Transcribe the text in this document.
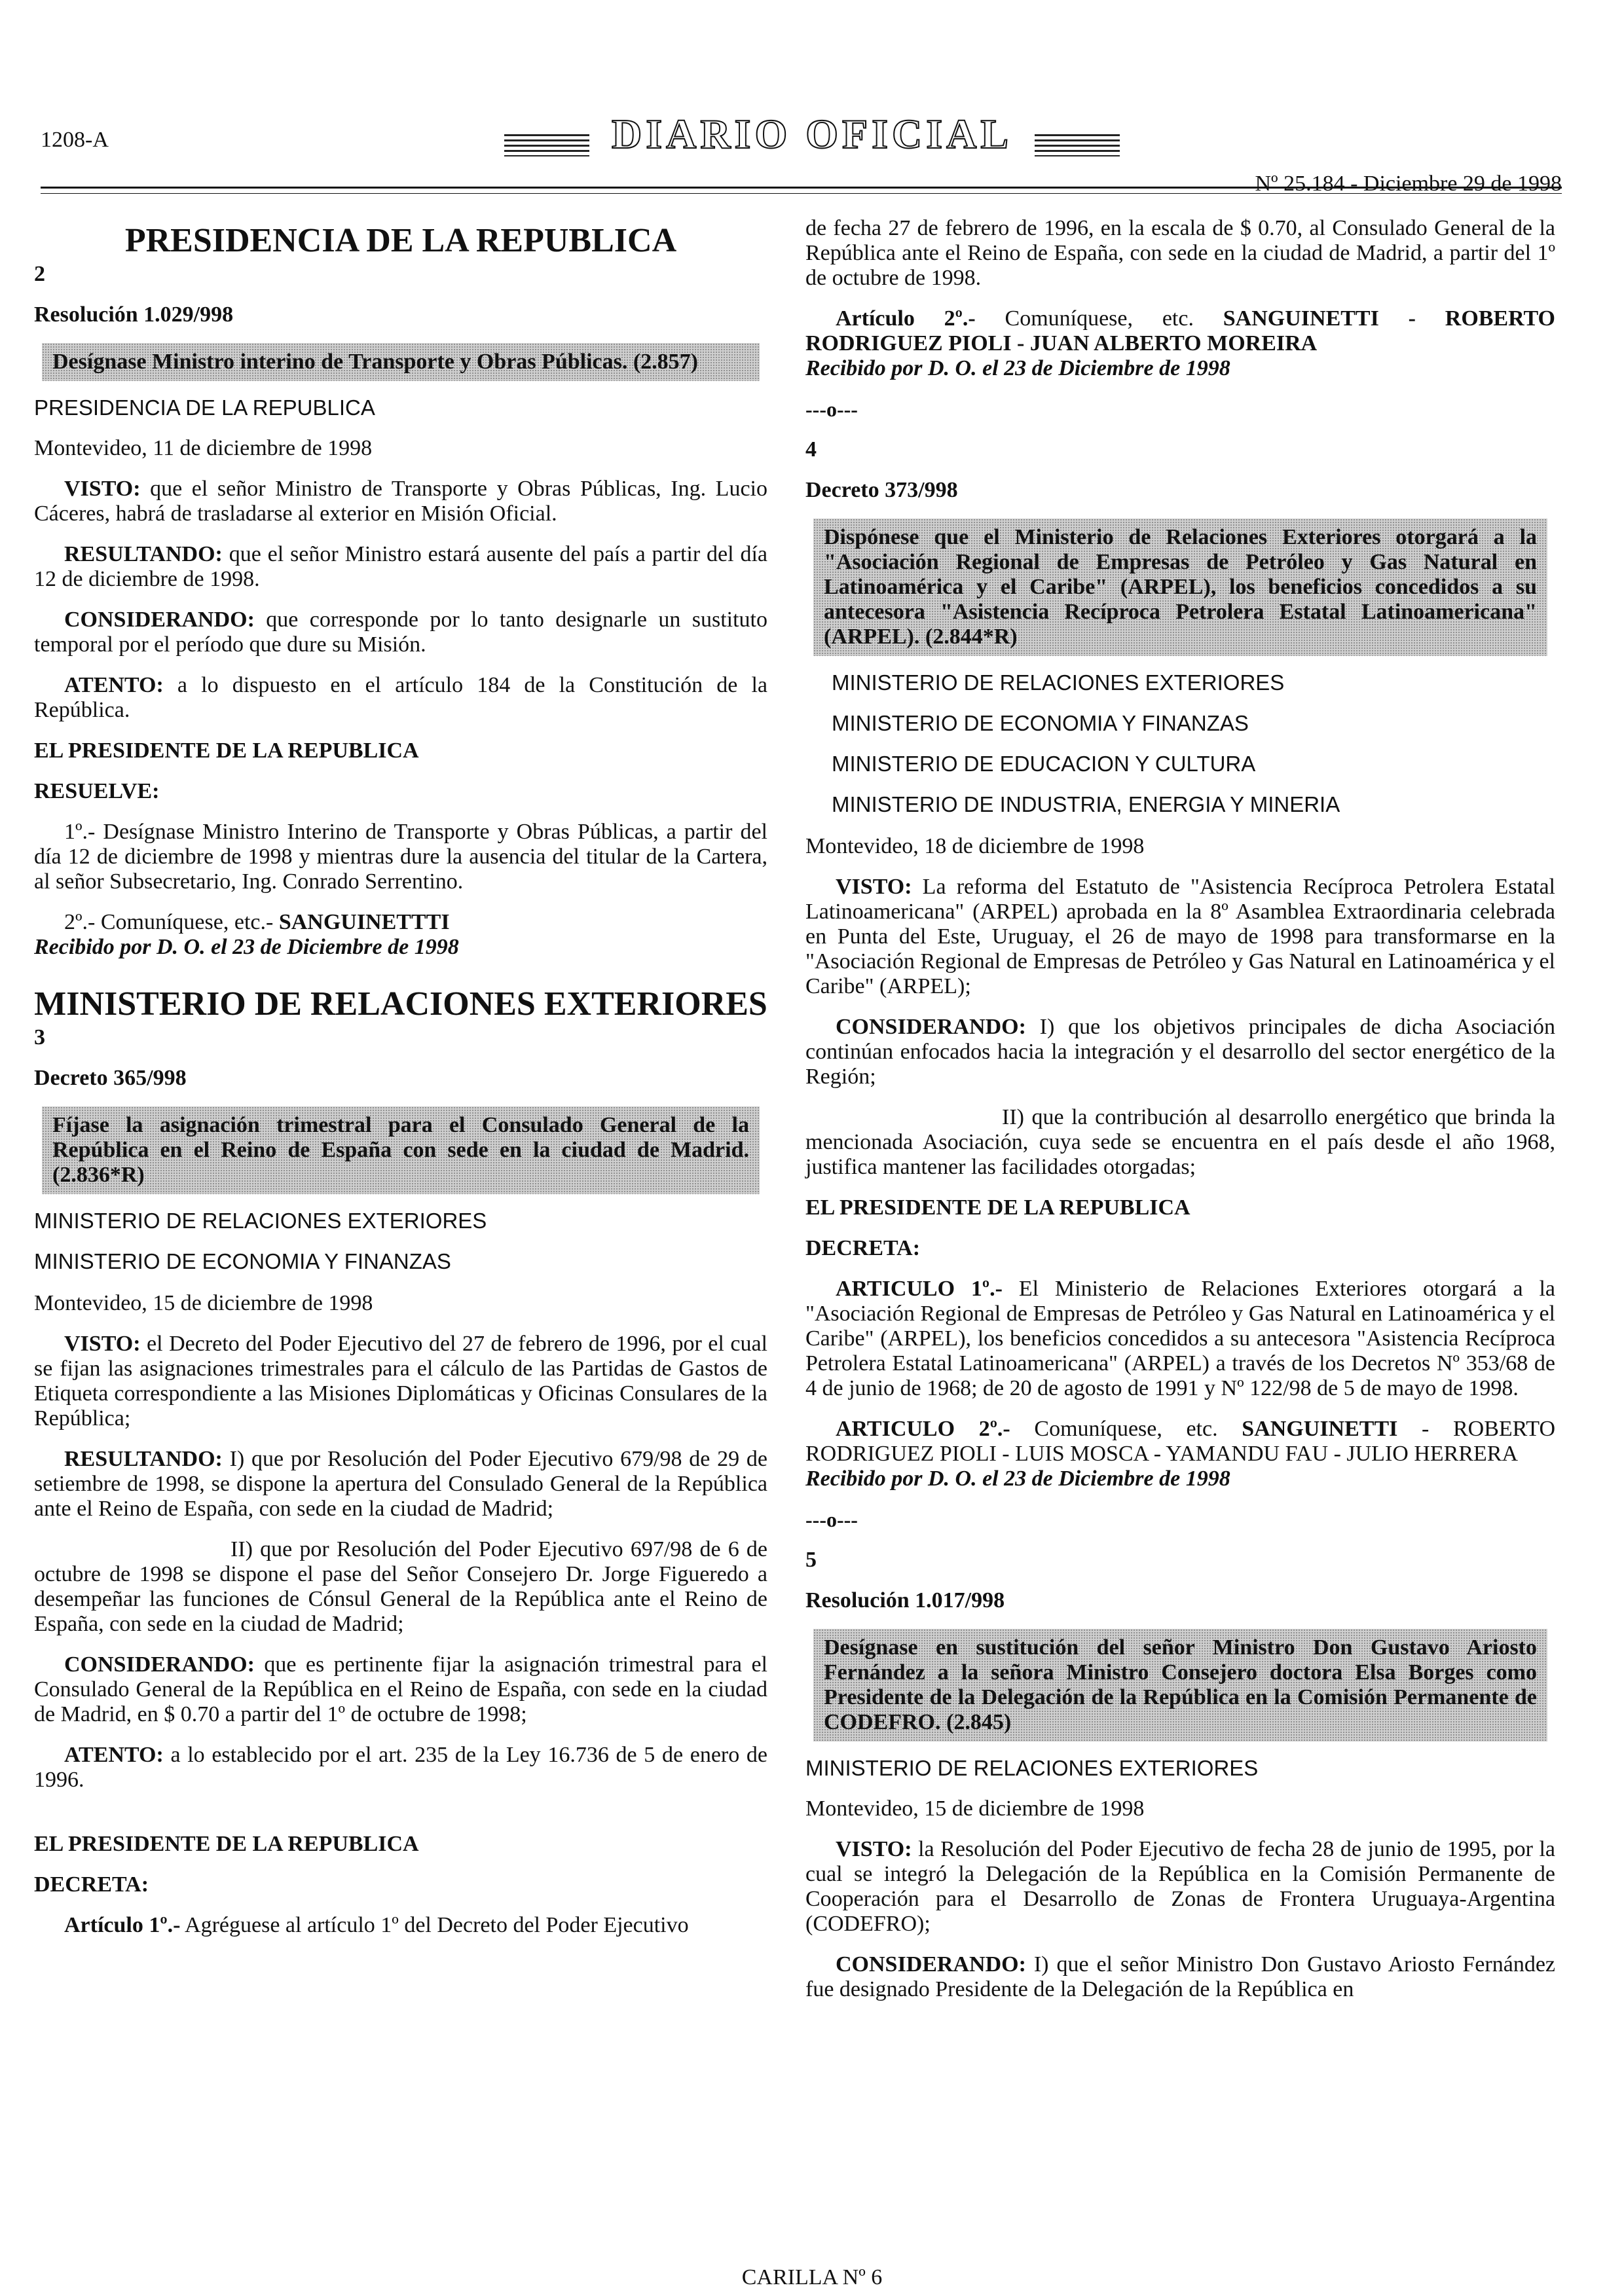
1208-A	DIARIO OFICIAL
Nº 25.184 - Diciembre 29 de 1998
PRESIDENCIA DE LA REPUBLICA

2

Resolución 1.029/998

Desígnase Ministro interino de Transporte y Obras Públicas. (2.857)

PRESIDENCIA DE LA REPUBLICA

Montevideo, 11 de diciembre de 1998

VISTO: que el señor Ministro de Transporte y Obras Públicas, Ing. Lucio Cáceres, habrá de trasladarse al exterior en Misión Oficial.

RESULTANDO: que el señor Ministro estará ausente del país a partir del día 12 de diciembre de 1998.

CONSIDERANDO: que corresponde por lo tanto designarle un sustituto temporal por el período que dure su Misión.

ATENTO: a lo dispuesto en el artículo 184 de la Constitución de la República.

EL PRESIDENTE DE LA REPUBLICA

RESUELVE:

1º.- Desígnase Ministro Interino de Transporte y Obras Públicas, a partir del día 12 de diciembre de 1998 y mientras dure la ausencia del titular de la Cartera, al señor Subsecretario, Ing. Conrado Serrentino.

2º.- Comuníquese, etc.- SANGUINETTTI

Recibido por D. O. el 23 de Diciembre de 1998

MINISTERIO DE RELACIONES EXTERIORES

3

Decreto 365/998

Fíjase la asignación trimestral para el Consulado General de la República en el Reino de España con sede en la ciudad de Madrid. (2.836*R)

MINISTERIO DE RELACIONES EXTERIORES

MINISTERIO DE ECONOMIA Y FINANZAS

Montevideo, 15 de diciembre de 1998

VISTO: el Decreto del Poder Ejecutivo del 27 de febrero de 1996, por el cual se fijan las asignaciones trimestrales para el cálculo de las Partidas de Gastos de Etiqueta correspondiente a las Misiones Diplomáticas y Oficinas Consulares de la República;

RESULTANDO: I) que por Resolución del Poder Ejecutivo 679/98 de 29 de setiembre de 1998, se dispone la apertura del Consulado General de la República ante el Reino de España, con sede en la ciudad de Madrid;

II) que por Resolución del Poder Ejecutivo 697/98 de 6 de octubre de 1998 se dispone el pase del Señor Consejero Dr. Jorge Figueredo a desempeñar las funciones de Cónsul General de la República ante el Reino de España, con sede en la ciudad de Madrid;

CONSIDERANDO: que es pertinente fijar la asignación trimestral para el Consulado General de la República en el Reino de España, con sede en la ciudad de Madrid, en $ 0.70 a partir del 1º de octubre de 1998;

ATENTO: a lo establecido por el art. 235 de la Ley 16.736 de 5 de enero de 1996.

EL PRESIDENTE DE LA REPUBLICA

DECRETA:

Artículo 1º.- Agréguese al artículo 1º del Decreto del Poder Ejecutivo

de fecha 27 de febrero de 1996, en la escala de $ 0.70, al Consulado General de la República ante el Reino de España, con sede en la ciudad de Madrid, a partir del 1º de octubre de 1998.

Artículo 2º.- Comuníquese, etc. SANGUINETTI - ROBERTO RODRIGUEZ PIOLI - JUAN ALBERTO MOREIRA

Recibido por D. O. el 23 de Diciembre de 1998

---o---

4

Decreto 373/998

Dispónese que el Ministerio de Relaciones Exteriores otorgará a la "Asociación Regional de Empresas de Petróleo y Gas Natural en Latinoamérica y el Caribe" (ARPEL), los beneficios concedidos a su antecesora "Asistencia Recíproca Petrolera Estatal Latinoamericana" (ARPEL). (2.844*R)

MINISTERIO DE RELACIONES EXTERIORES

MINISTERIO DE ECONOMIA Y FINANZAS

MINISTERIO DE EDUCACION Y CULTURA

MINISTERIO DE INDUSTRIA, ENERGIA Y MINERIA

Montevideo, 18 de diciembre de 1998

VISTO: La reforma del Estatuto de "Asistencia Recíproca Petrolera Estatal Latinoamericana" (ARPEL) aprobada en la 8º Asamblea Extraordinaria celebrada en Punta del Este, Uruguay, el 26 de mayo de 1998 para transformarse en la "Asociación Regional de Empresas de Petróleo y Gas Natural en Latinoamérica y el Caribe" (ARPEL);

CONSIDERANDO: I) que los objetivos principales de dicha Asociación continúan enfocados hacia la integración y el desarrollo del sector energético de la Región;

II) que la contribución al desarrollo energético que brinda la mencionada Asociación, cuya sede se encuentra en el país desde el año 1968, justifica mantener las facilidades otorgadas;

EL PRESIDENTE DE LA REPUBLICA

DECRETA:

ARTICULO 1º.- El Ministerio de Relaciones Exteriores otorgará a la "Asociación Regional de Empresas de Petróleo y Gas Natural en Latinoamérica y el Caribe" (ARPEL), los beneficios concedidos a su antecesora "Asistencia Recíproca Petrolera Estatal Latinoamericana" (ARPEL) a través de los Decretos Nº 353/68 de 4 de junio de 1968; de 20 de agosto de 1991 y Nº 122/98 de 5 de mayo de 1998.

ARTICULO 2º.- Comuníquese, etc. SANGUINETTI - ROBERTO RODRIGUEZ PIOLI - LUIS MOSCA - YAMANDU FAU - JULIO HERRERA

Recibido por D. O. el 23 de Diciembre de 1998

---o---

5

Resolución 1.017/998

Desígnase en sustitución del señor Ministro Don Gustavo Ariosto Fernández a la señora Ministro Consejero doctora Elsa Borges como Presidente de la Delegación de la República en la Comisión Permanente de CODEFRO. (2.845)

MINISTERIO DE RELACIONES EXTERIORES

Montevideo, 15 de diciembre de 1998

VISTO: la Resolución del Poder Ejecutivo de fecha 28 de junio de 1995, por la cual se integró la Delegación de la República en la Comisión Permanente de Cooperación para el Desarrollo de Zonas de Frontera Uruguaya-Argentina (CODEFRO);

CONSIDERANDO: I) que el señor Ministro Don Gustavo Ariosto Fernández fue designado Presidente de la Delegación de la República en

CARILLA Nº 6
